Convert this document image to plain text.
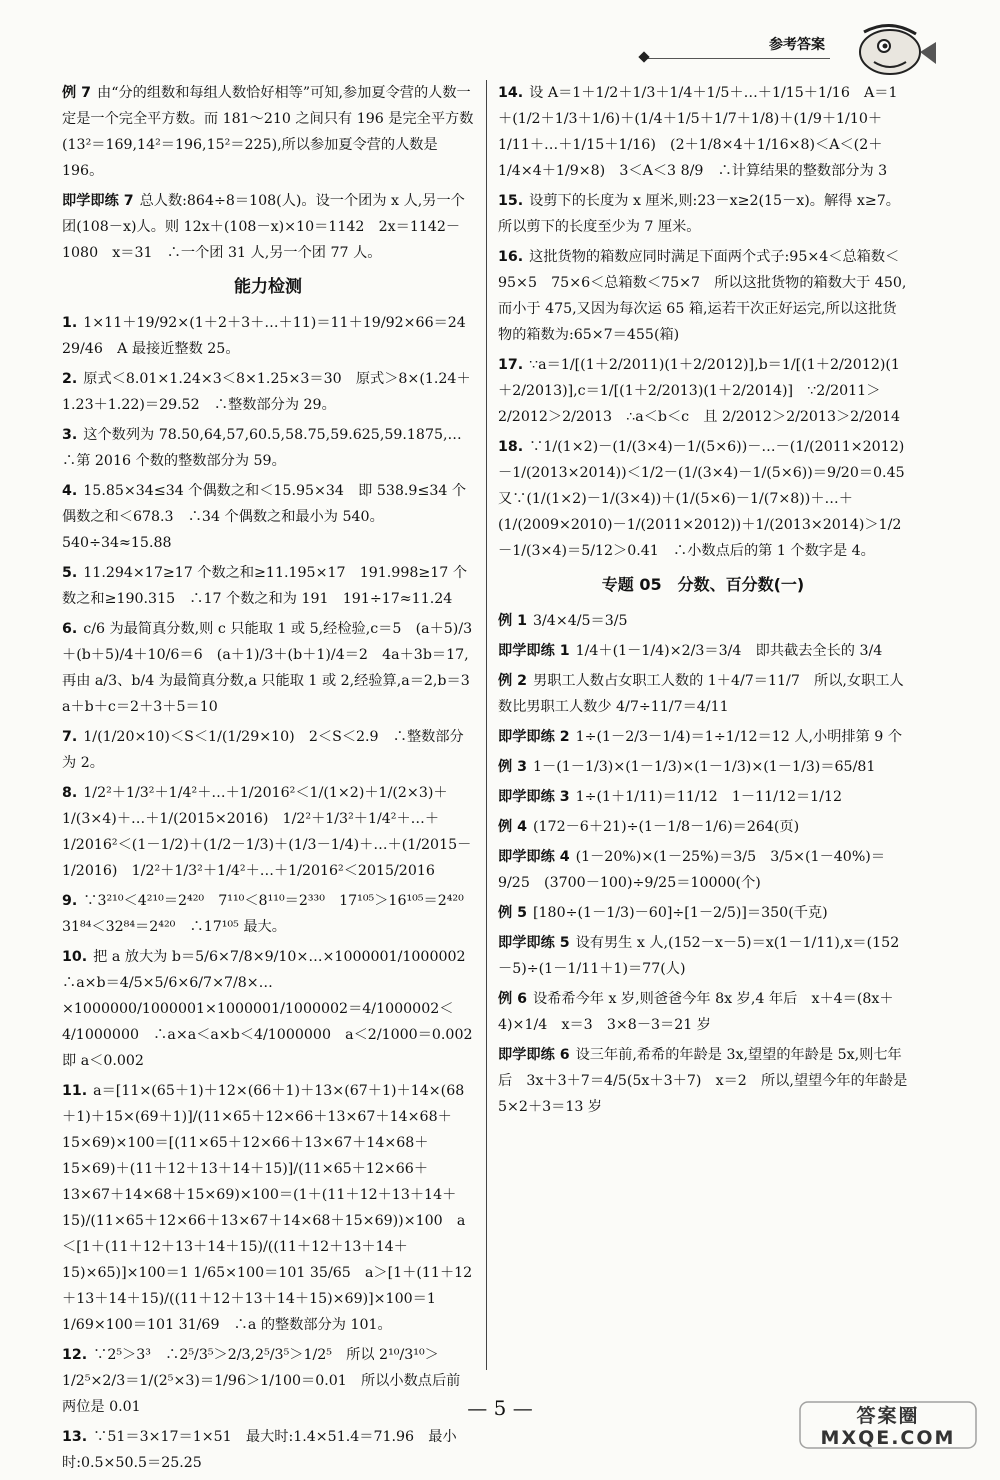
参考答案
例 7 由“分的组数和每组人数恰好相等”可知,参加夏令营的人数一定是一个完全平方数。而 181～210 之间只有 196 是完全平方数(13²＝169,14²＝196,15²＝225),所以参加夏令营的人数是 196。
即学即练 7 总人数:864÷8＝108(人)。设一个团为 x 人,另一个团(108－x)人。则 12x＋(108－x)×10＝1142　2x＝1142－1080　x＝31　∴一个团 31 人,另一个团 77 人。
能力检测
1. 1×11＋19/92×(1＋2＋3＋…＋11)＝11＋19/92×66＝24 29/46　A 最接近整数 25。
2. 原式＜8.01×1.24×3＜8×1.25×3＝30　原式＞8×(1.24＋1.23＋1.22)＝29.52　∴整数部分为 29。
3. 这个数列为 78.50,64,57,60.5,58.75,59.625,59.1875,…　∴第 2016 个数的整数部分为 59。
4. 15.85×34≤34 个偶数之和＜15.95×34　即 538.9≤34 个偶数之和＜678.3　∴34 个偶数之和最小为 540。540÷34≈15.88
5. 11.294×17≥17 个数之和≥11.195×17　191.998≥17 个数之和≥190.315　∴17 个数之和为 191　191÷17≈11.24
6. c/6 为最简真分数,则 c 只能取 1 或 5,经检验,c＝5　(a＋5)/3＋(b＋5)/4＋10/6＝6　(a＋1)/3＋(b＋1)/4＝2　4a＋3b＝17,再由 a/3、b/4 为最简真分数,a 只能取 1 或 2,经验算,a＝2,b＝3　a＋b＋c＝2＋3＋5＝10
7. 1/(1/20×10)＜S＜1/(1/29×10)　2＜S＜2.9　∴整数部分为 2。
8. 1/2²＋1/3²＋1/4²＋…＋1/2016²＜1/(1×2)＋1/(2×3)＋1/(3×4)＋…＋1/(2015×2016)　1/2²＋1/3²＋1/4²＋…＋1/2016²＜(1－1/2)＋(1/2－1/3)＋(1/3－1/4)＋…＋(1/2015－1/2016)　1/2²＋1/3²＋1/4²＋…＋1/2016²＜2015/2016
9. ∵3²¹⁰＜4²¹⁰＝2⁴²⁰　7¹¹⁰＜8¹¹⁰＝2³³⁰　17¹⁰⁵＞16¹⁰⁵＝2⁴²⁰　31⁸⁴＜32⁸⁴＝2⁴²⁰　∴17¹⁰⁵ 最大。
10. 把 a 放大为 b＝5/6×7/8×9/10×…×1000001/1000002　∴a×b＝4/5×5/6×6/7×7/8×…×1000000/1000001×1000001/1000002＝4/1000002＜4/1000000　∴a×a＜a×b＜4/1000000　a＜2/1000＝0.002　即 a＜0.002
11. a＝[11×(65＋1)＋12×(66＋1)＋13×(67＋1)＋14×(68＋1)＋15×(69＋1)]/(11×65＋12×66＋13×67＋14×68＋15×69)×100＝[(11×65＋12×66＋13×67＋14×68＋15×69)＋(11＋12＋13＋14＋15)]/(11×65＋12×66＋13×67＋14×68＋15×69)×100＝(1＋(11＋12＋13＋14＋15)/(11×65＋12×66＋13×67＋14×68＋15×69))×100　a＜[1＋(11＋12＋13＋14＋15)/((11＋12＋13＋14＋15)×65)]×100＝1 1/65×100＝101 35/65　a＞[1＋(11＋12＋13＋14＋15)/((11＋12＋13＋14＋15)×69)]×100＝1 1/69×100＝101 31/69　∴a 的整数部分为 101。
12. ∵2⁵＞3³　∴2⁵/3⁵＞2/3,2⁵/3⁵＞1/2⁵　所以 2¹⁰/3¹⁰＞1/2⁵×2/3＝1/(2⁵×3)＝1/96＞1/100＝0.01　所以小数点后前两位是 0.01
13. ∵51＝3×17＝1×51　最大时:1.4×51.4＝71.96　最小时:0.5×50.5＝25.25
14. 设 A＝1＋1/2＋1/3＋1/4＋1/5＋…＋1/15＋1/16　A＝1＋(1/2＋1/3＋1/6)＋(1/4＋1/5＋1/7＋1/8)＋(1/9＋1/10＋1/11＋…＋1/15＋1/16)　(2＋1/8×4＋1/16×8)＜A＜(2＋1/4×4＋1/9×8)　3＜A＜3 8/9　∴计算结果的整数部分为 3
15. 设剪下的长度为 x 厘米,则:23－x≥2(15－x)。解得 x≥7。所以剪下的长度至少为 7 厘米。
16. 这批货物的箱数应同时满足下面两个式子:95×4＜总箱数＜95×5　75×6＜总箱数＜75×7　所以这批货物的箱数大于 450,而小于 475,又因为每次运 65 箱,运若干次正好运完,所以这批货物的箱数为:65×7＝455(箱)
17. ∵a＝1/[(1＋2/2011)(1＋2/2012)],b＝1/[(1＋2/2012)(1＋2/2013)],c＝1/[(1＋2/2013)(1＋2/2014)]　∵2/2011＞2/2012＞2/2013　∴a＜b＜c　且 2/2012＞2/2013＞2/2014
18. ∵1/(1×2)－(1/(3×4)－1/(5×6))－…－(1/(2011×2012)－1/(2013×2014))＜1/2－(1/(3×4)－1/(5×6))＝9/20＝0.45　又∵(1/(1×2)－1/(3×4))＋(1/(5×6)－1/(7×8))＋…＋(1/(2009×2010)－1/(2011×2012))＋1/(2013×2014)＞1/2－1/(3×4)＝5/12＞0.41　∴小数点后的第 1 个数字是 4。
专题 05　分数、百分数(一)
例 1 3/4×4/5＝3/5
即学即练 1 1/4＋(1－1/4)×2/3＝3/4　即共截去全长的 3/4
例 2 男职工人数占女职工人数的 1＋4/7＝11/7　所以,女职工人数比男职工人数少 4/7÷11/7＝4/11
即学即练 2 1÷(1－2/3－1/4)＝1÷1/12＝12 人,小明排第 9 个
例 3 1－(1－1/3)×(1－1/3)×(1－1/3)×(1－1/3)＝65/81
即学即练 3 1÷(1＋1/11)＝11/12　1－11/12＝1/12
例 4 (172－6＋21)÷(1－1/8－1/6)＝264(页)
即学即练 4 (1－20%)×(1－25%)＝3/5　3/5×(1－40%)＝9/25　(3700－100)÷9/25＝10000(个)
例 5 [180÷(1－1/3)－60]÷[1－2/5)]＝350(千克)
即学即练 5 设有男生 x 人,(152－x－5)＝x(1－1/11),x＝(152－5)÷(1－1/11＋1)＝77(人)
例 6 设希希今年 x 岁,则爸爸今年 8x 岁,4 年后　x＋4＝(8x＋4)×1/4　x＝3　3×8－3＝21 岁
即学即练 6 设三年前,希希的年龄是 3x,望望的年龄是 5x,则七年后　3x＋3＋7＝4/5(5x＋3＋7)　x＝2　所以,望望今年的年龄是 5×2＋3＝13 岁
— 5 —	答案圈
MXQE.COM
